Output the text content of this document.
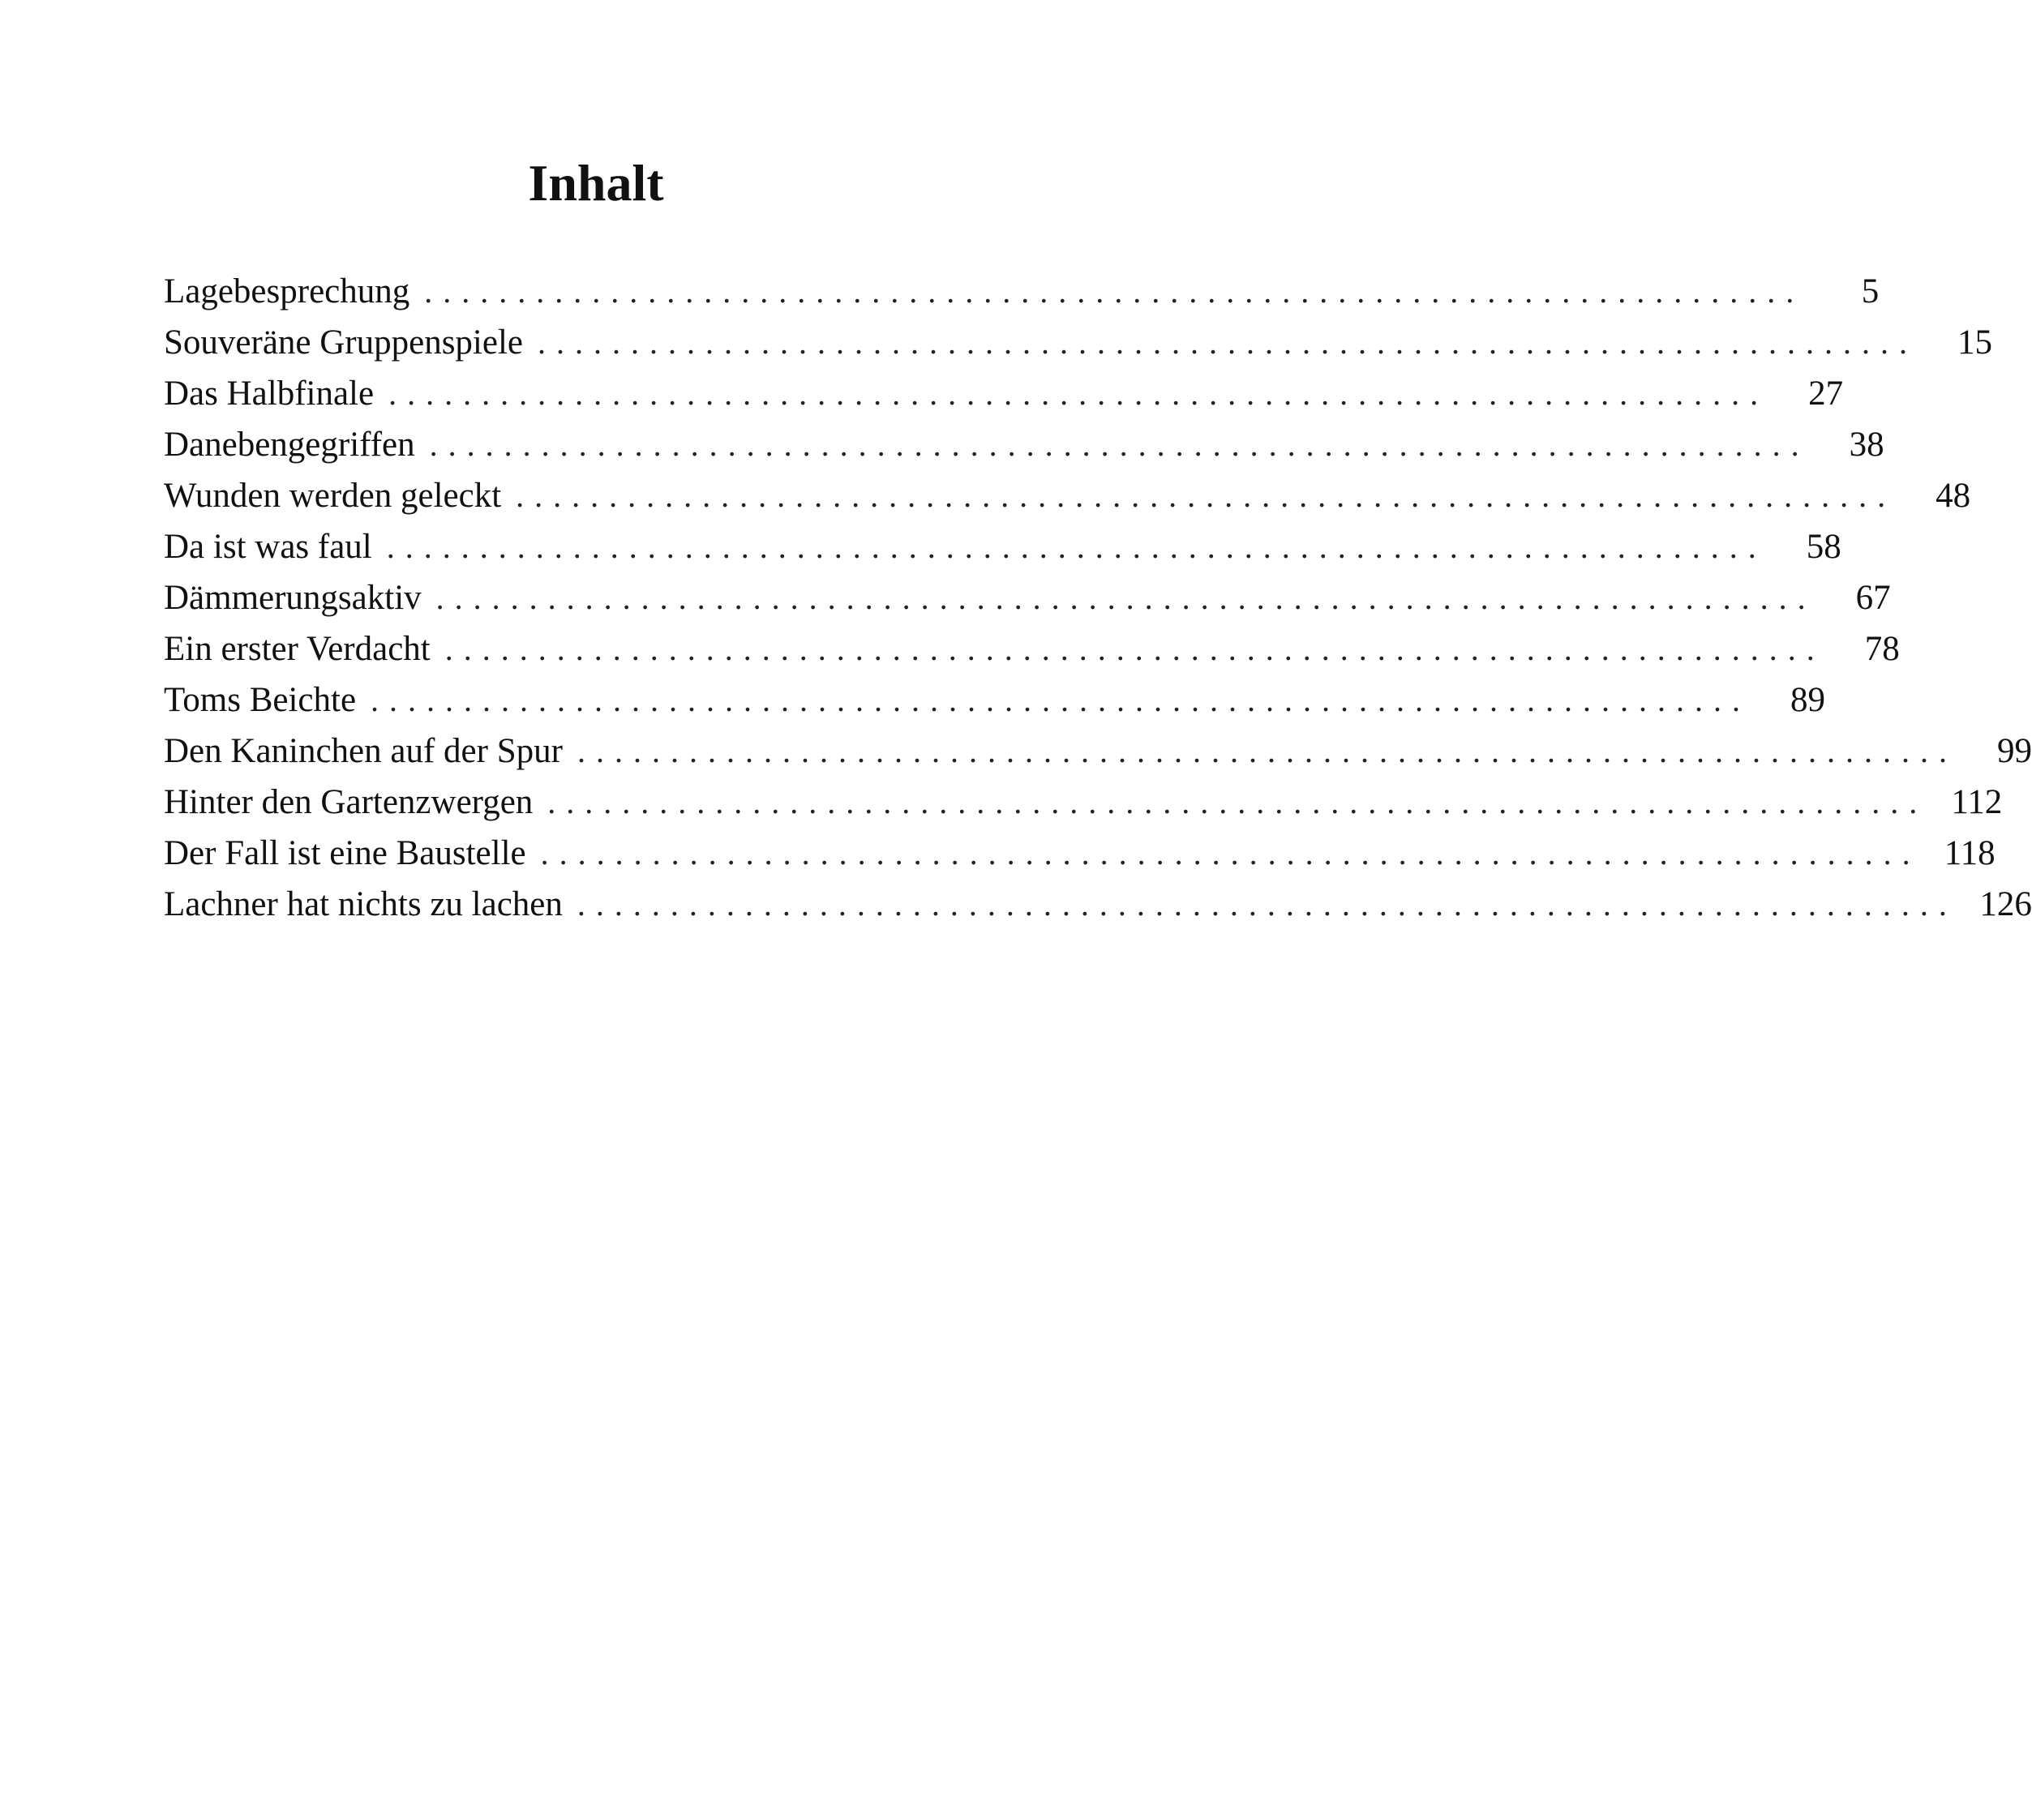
Inhalt
Lagebesprechung ..........................................................................	5
Souveräne Gruppenspiele ..........................................................................	15
Das Halbfinale ..........................................................................	27
Danebengegriffen ..........................................................................	38
Wunden werden geleckt ..........................................................................	48
Da ist was faul ..........................................................................	58
Dämmerungsaktiv ..........................................................................	67
Ein erster Verdacht ..........................................................................	78
Toms Beichte ..........................................................................	89
Den Kaninchen auf der Spur ..........................................................................	99
Hinter den Gartenzwergen .......................................................................... 112
Der Fall ist eine Baustelle .......................................................................... 118
Lachner hat nichts zu lachen .......................................................................... 126
